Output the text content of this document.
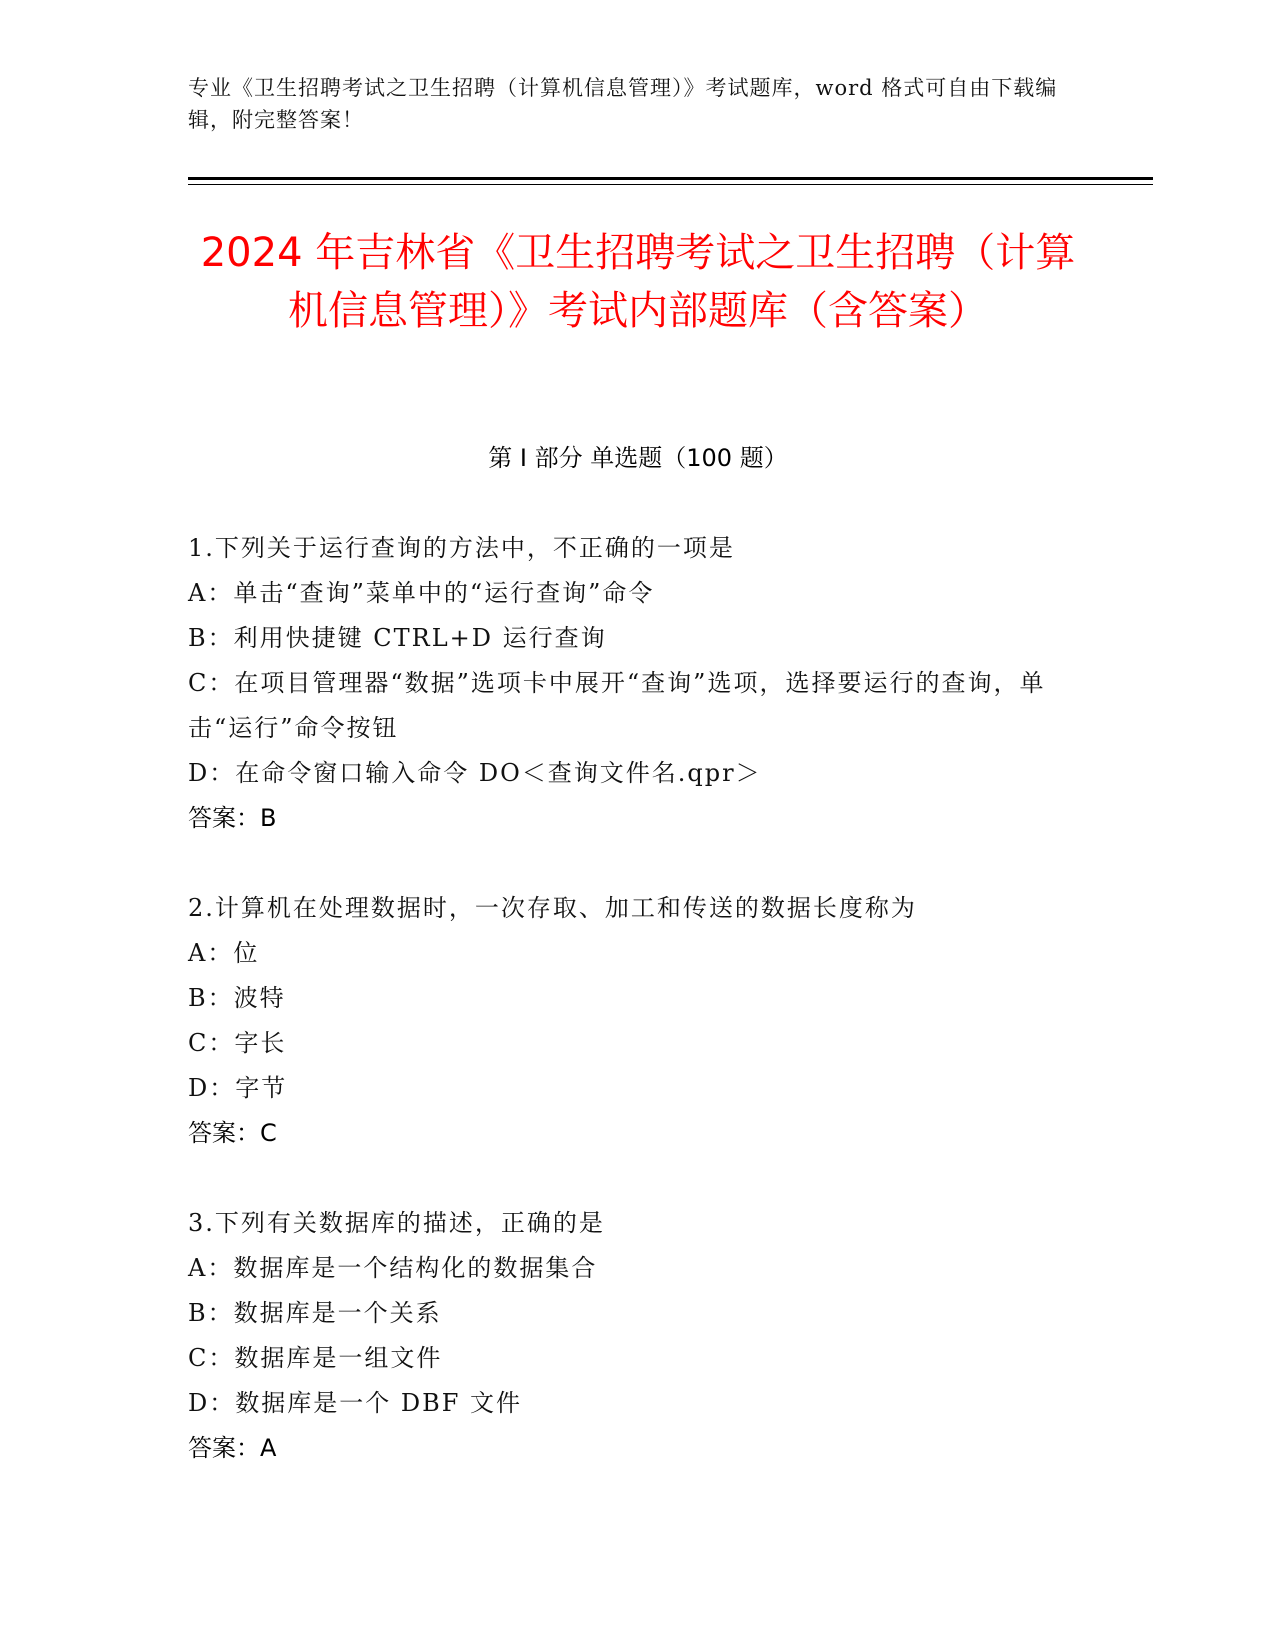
专业《卫生招聘考试之卫生招聘（计算机信息管理）》考试题库，word 格式可自由下载编辑，附完整答案！
2024 年吉林省《卫生招聘考试之卫生招聘（计算机信息管理）》考试内部题库（含答案）
第 I 部分 单选题（100 题）
1.下列关于运行查询的方法中，不正确的一项是
A：单击“查询”菜单中的“运行查询”命令
B：利用快捷键 CTRL+D 运行查询
C：在项目管理器“数据”选项卡中展开“查询”选项，选择要运行的查询，单击“运行”命令按钮
D：在命令窗口输入命令 DO＜查询文件名.qpr＞
答案：B
2.计算机在处理数据时，一次存取、加工和传送的数据长度称为
A：位
B：波特
C：字长
D：字节
答案：C
3.下列有关数据库的描述，正确的是
A：数据库是一个结构化的数据集合
B：数据库是一个关系
C：数据库是一组文件
D：数据库是一个 DBF 文件
答案：A
